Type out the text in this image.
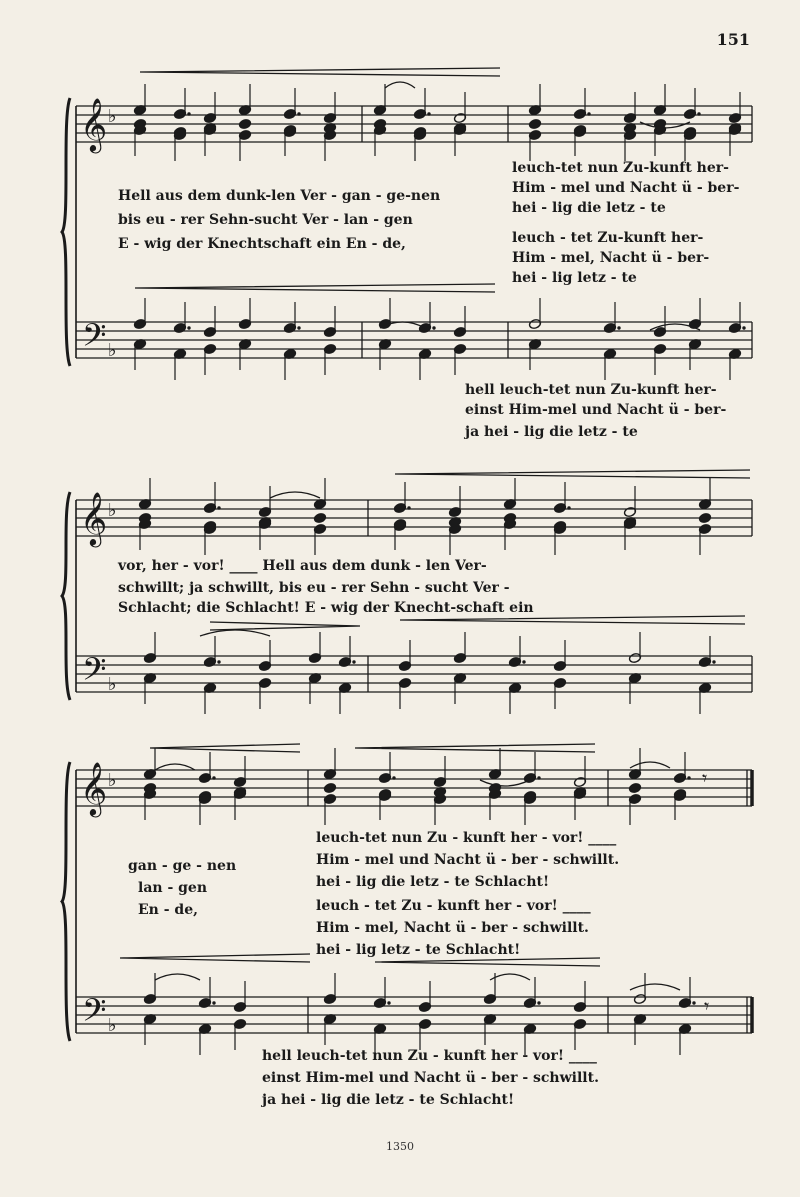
151
𝄞
𝄢
♭
♭
𝄞
𝄢
♭
♭
𝄞
𝄢
♭
♭
𝄾
𝄾
Hell aus dem dunk-len Ver - gan - ge-nen
bis eu - rer Sehn-sucht Ver - lan - gen
E - wig der Knechtschaft ein En - de,
leuch-tet nun Zu-kunft her-
Him - mel und Nacht ü - ber-
hei - lig die letz - te
leuch - tet Zu-kunft her-
Him - mel, Nacht ü - ber-
hei - lig letz - te
hell leuch-tet nun Zu-kunft her-
einst Him-mel und Nacht ü - ber-
ja hei - lig die letz - te
vor, her - vor! ____ Hell aus dem dunk - len Ver-
schwillt; ja schwillt, bis eu - rer Sehn - sucht Ver -
Schlacht; die Schlacht! E - wig der Knecht-schaft ein
gan - ge - nen
lan - gen
En - de,
leuch-tet nun Zu - kunft her - vor! ____
Him - mel und Nacht ü - ber - schwillt.
hei - lig die letz - te Schlacht!
leuch - tet Zu - kunft her - vor! ____
Him - mel, Nacht ü - ber - schwillt.
hei - lig letz - te Schlacht!
hell leuch-tet nun Zu - kunft her - vor! ____
einst Him-mel und Nacht ü - ber - schwillt.
ja hei - lig die letz - te Schlacht!
1350
